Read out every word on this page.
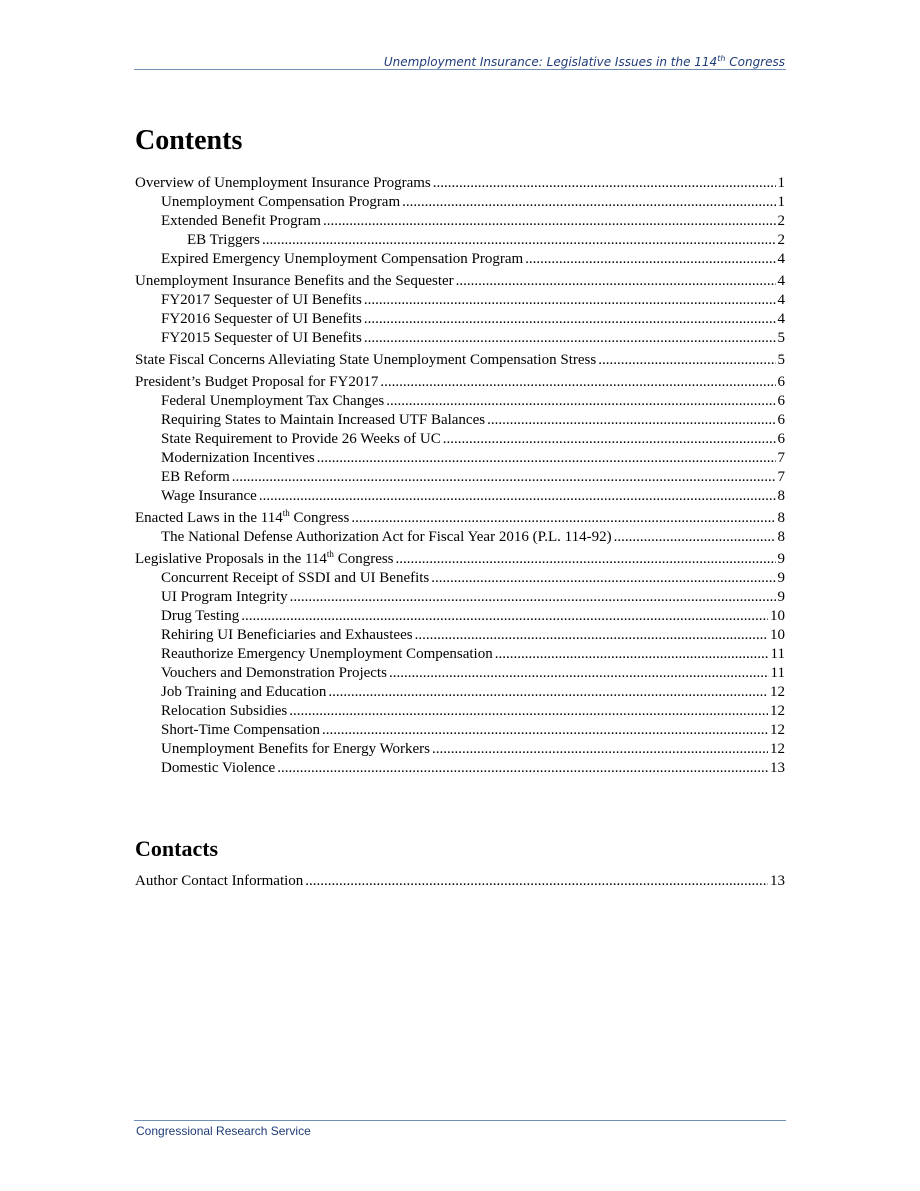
Unemployment Insurance: Legislative Issues in the 114th Congress
Contents
Overview of Unemployment Insurance Programs .....	1
Unemployment Compensation Program .....	1
Extended Benefit Program .....	2
EB Triggers .....	2
Expired Emergency Unemployment Compensation Program .....	4
Unemployment Insurance Benefits and the Sequester .....	4
FY2017 Sequester of UI Benefits .....	4
FY2016 Sequester of UI Benefits .....	4
FY2015 Sequester of UI Benefits .....	5
State Fiscal Concerns Alleviating State Unemployment Compensation Stress .....	5
President’s Budget Proposal for FY2017 .....	6
Federal Unemployment Tax Changes .....	6
Requiring States to Maintain Increased UTF Balances .....	6
State Requirement to Provide 26 Weeks of UC .....	6
Modernization Incentives .....	7
EB Reform .....	7
Wage Insurance .....	8
Enacted Laws in the 114th Congress .....	8
The National Defense Authorization Act for Fiscal Year 2016 (P.L. 114-92) .....	8
Legislative Proposals in the 114th Congress .....	9
Concurrent Receipt of SSDI and UI Benefits .....	9
UI Program Integrity .....	9
Drug Testing .....	10
Rehiring UI Beneficiaries and Exhaustees .....	10
Reauthorize Emergency Unemployment Compensation .....	11
Vouchers and Demonstration Projects .....	11
Job Training and Education .....	12
Relocation Subsidies .....	12
Short-Time Compensation .....	12
Unemployment Benefits for Energy Workers .....	12
Domestic Violence .....	13
Contacts
Author Contact Information .....	13
Congressional Research Service
